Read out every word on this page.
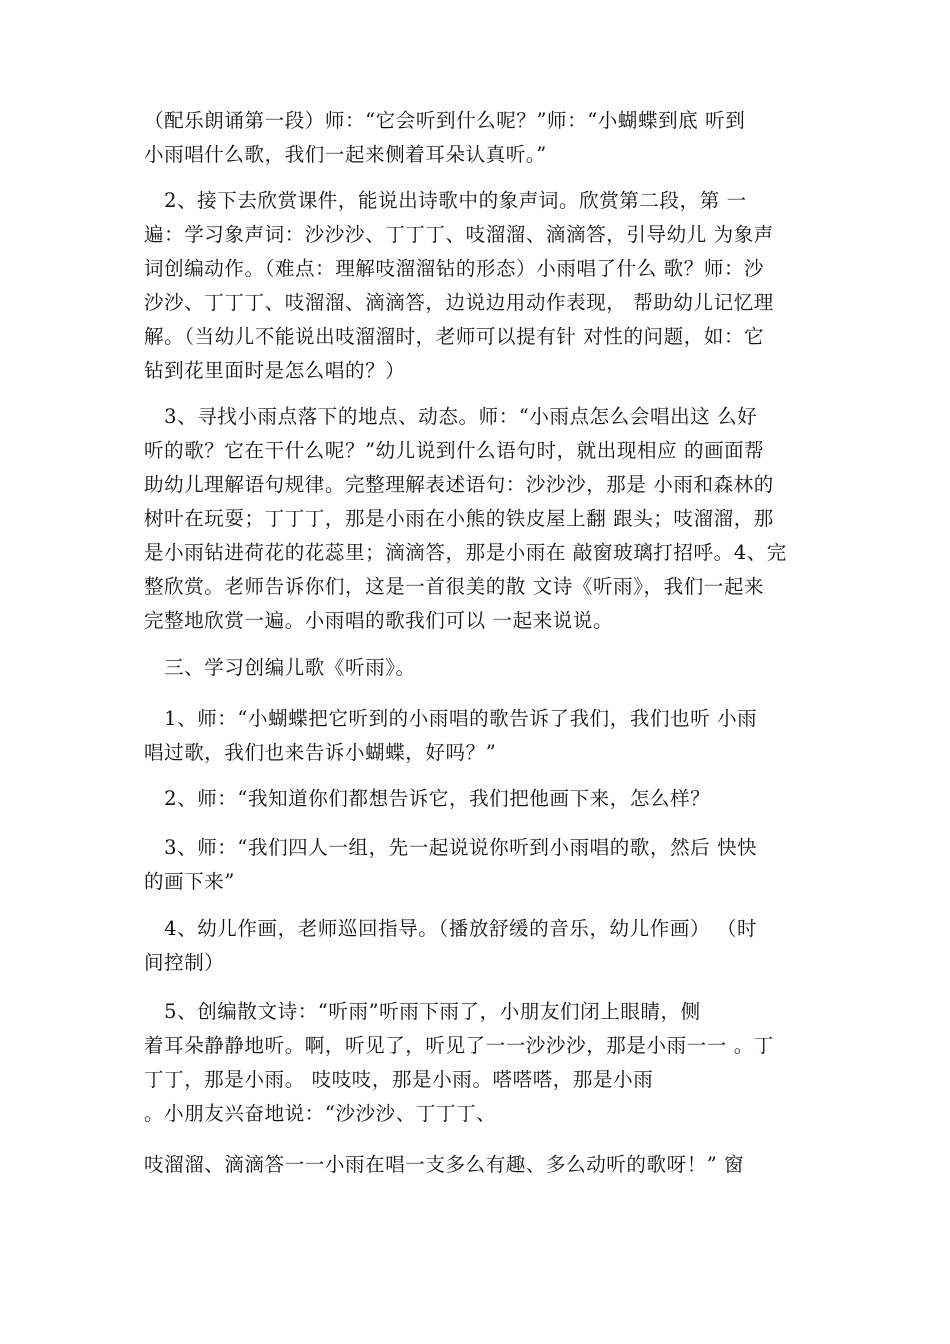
（配乐朗诵第一段）师：“它会听到什么呢？”师：“小蝴蝶到底 听到
小雨唱什么歌，我们一起来侧着耳朵认真听。”
　2、接下去欣赏课件，能说出诗歌中的象声词。欣赏第二段，第 一
遍：学习象声词：沙沙沙、丁丁丁、吱溜溜、滴滴答，引导幼儿 为象声
词创编动作。（难点：理解吱溜溜钻的形态）小雨唱了什么 歌？师：沙
沙沙、丁丁丁、吱溜溜、滴滴答，边说边用动作表现， 帮助幼儿记忆理
解。（当幼儿不能说出吱溜溜时，老师可以提有针 对性的问题，如：它
钻到花里面时是怎么唱的？）
　3、寻找小雨点落下的地点、动态。师：“小雨点怎么会唱出这 么好
听的歌？它在干什么呢？”幼儿说到什么语句时，就出现相应 的画面帮
助幼儿理解语句规律。完整理解表述语句：沙沙沙，那是 小雨和森林的
树叶在玩耍；丁丁丁，那是小雨在小熊的铁皮屋上翻 跟头；吱溜溜，那
是小雨钻进荷花的花蕊里；滴滴答，那是小雨在 敲窗玻璃打招呼。4、完
整欣赏。老师告诉你们，这是一首很美的散 文诗《听雨》，我们一起来
完整地欣赏一遍。小雨唱的歌我们可以 一起来说说。
　三、学习创编儿歌《听雨》。
　1、师：“小蝴蝶把它听到的小雨唱的歌告诉了我们，我们也听 小雨
唱过歌，我们也来告诉小蝴蝶，好吗？”
　2、师：“我知道你们都想告诉它，我们把他画下来，怎么样？
　3、师：“我们四人一组，先一起说说你听到小雨唱的歌，然后 快快
的画下来”
　4、幼儿作画，老师巡回指导。（播放舒缓的音乐，幼儿作画） （时
间控制）
　5、创编散文诗：“听雨”听雨下雨了，小朋友们闭上眼睛，侧
着耳朵静静地听。啊，听见了，听见了一一沙沙沙，那是小雨一一 。丁
丁丁，那是小雨。 吱吱吱，那是小雨。嗒嗒嗒，那是小雨
。小朋友兴奋地说：“沙沙沙、丁丁丁、
吱溜溜、滴滴答一一小雨在唱一支多么有趣、多么动听的歌呀！” 窗
